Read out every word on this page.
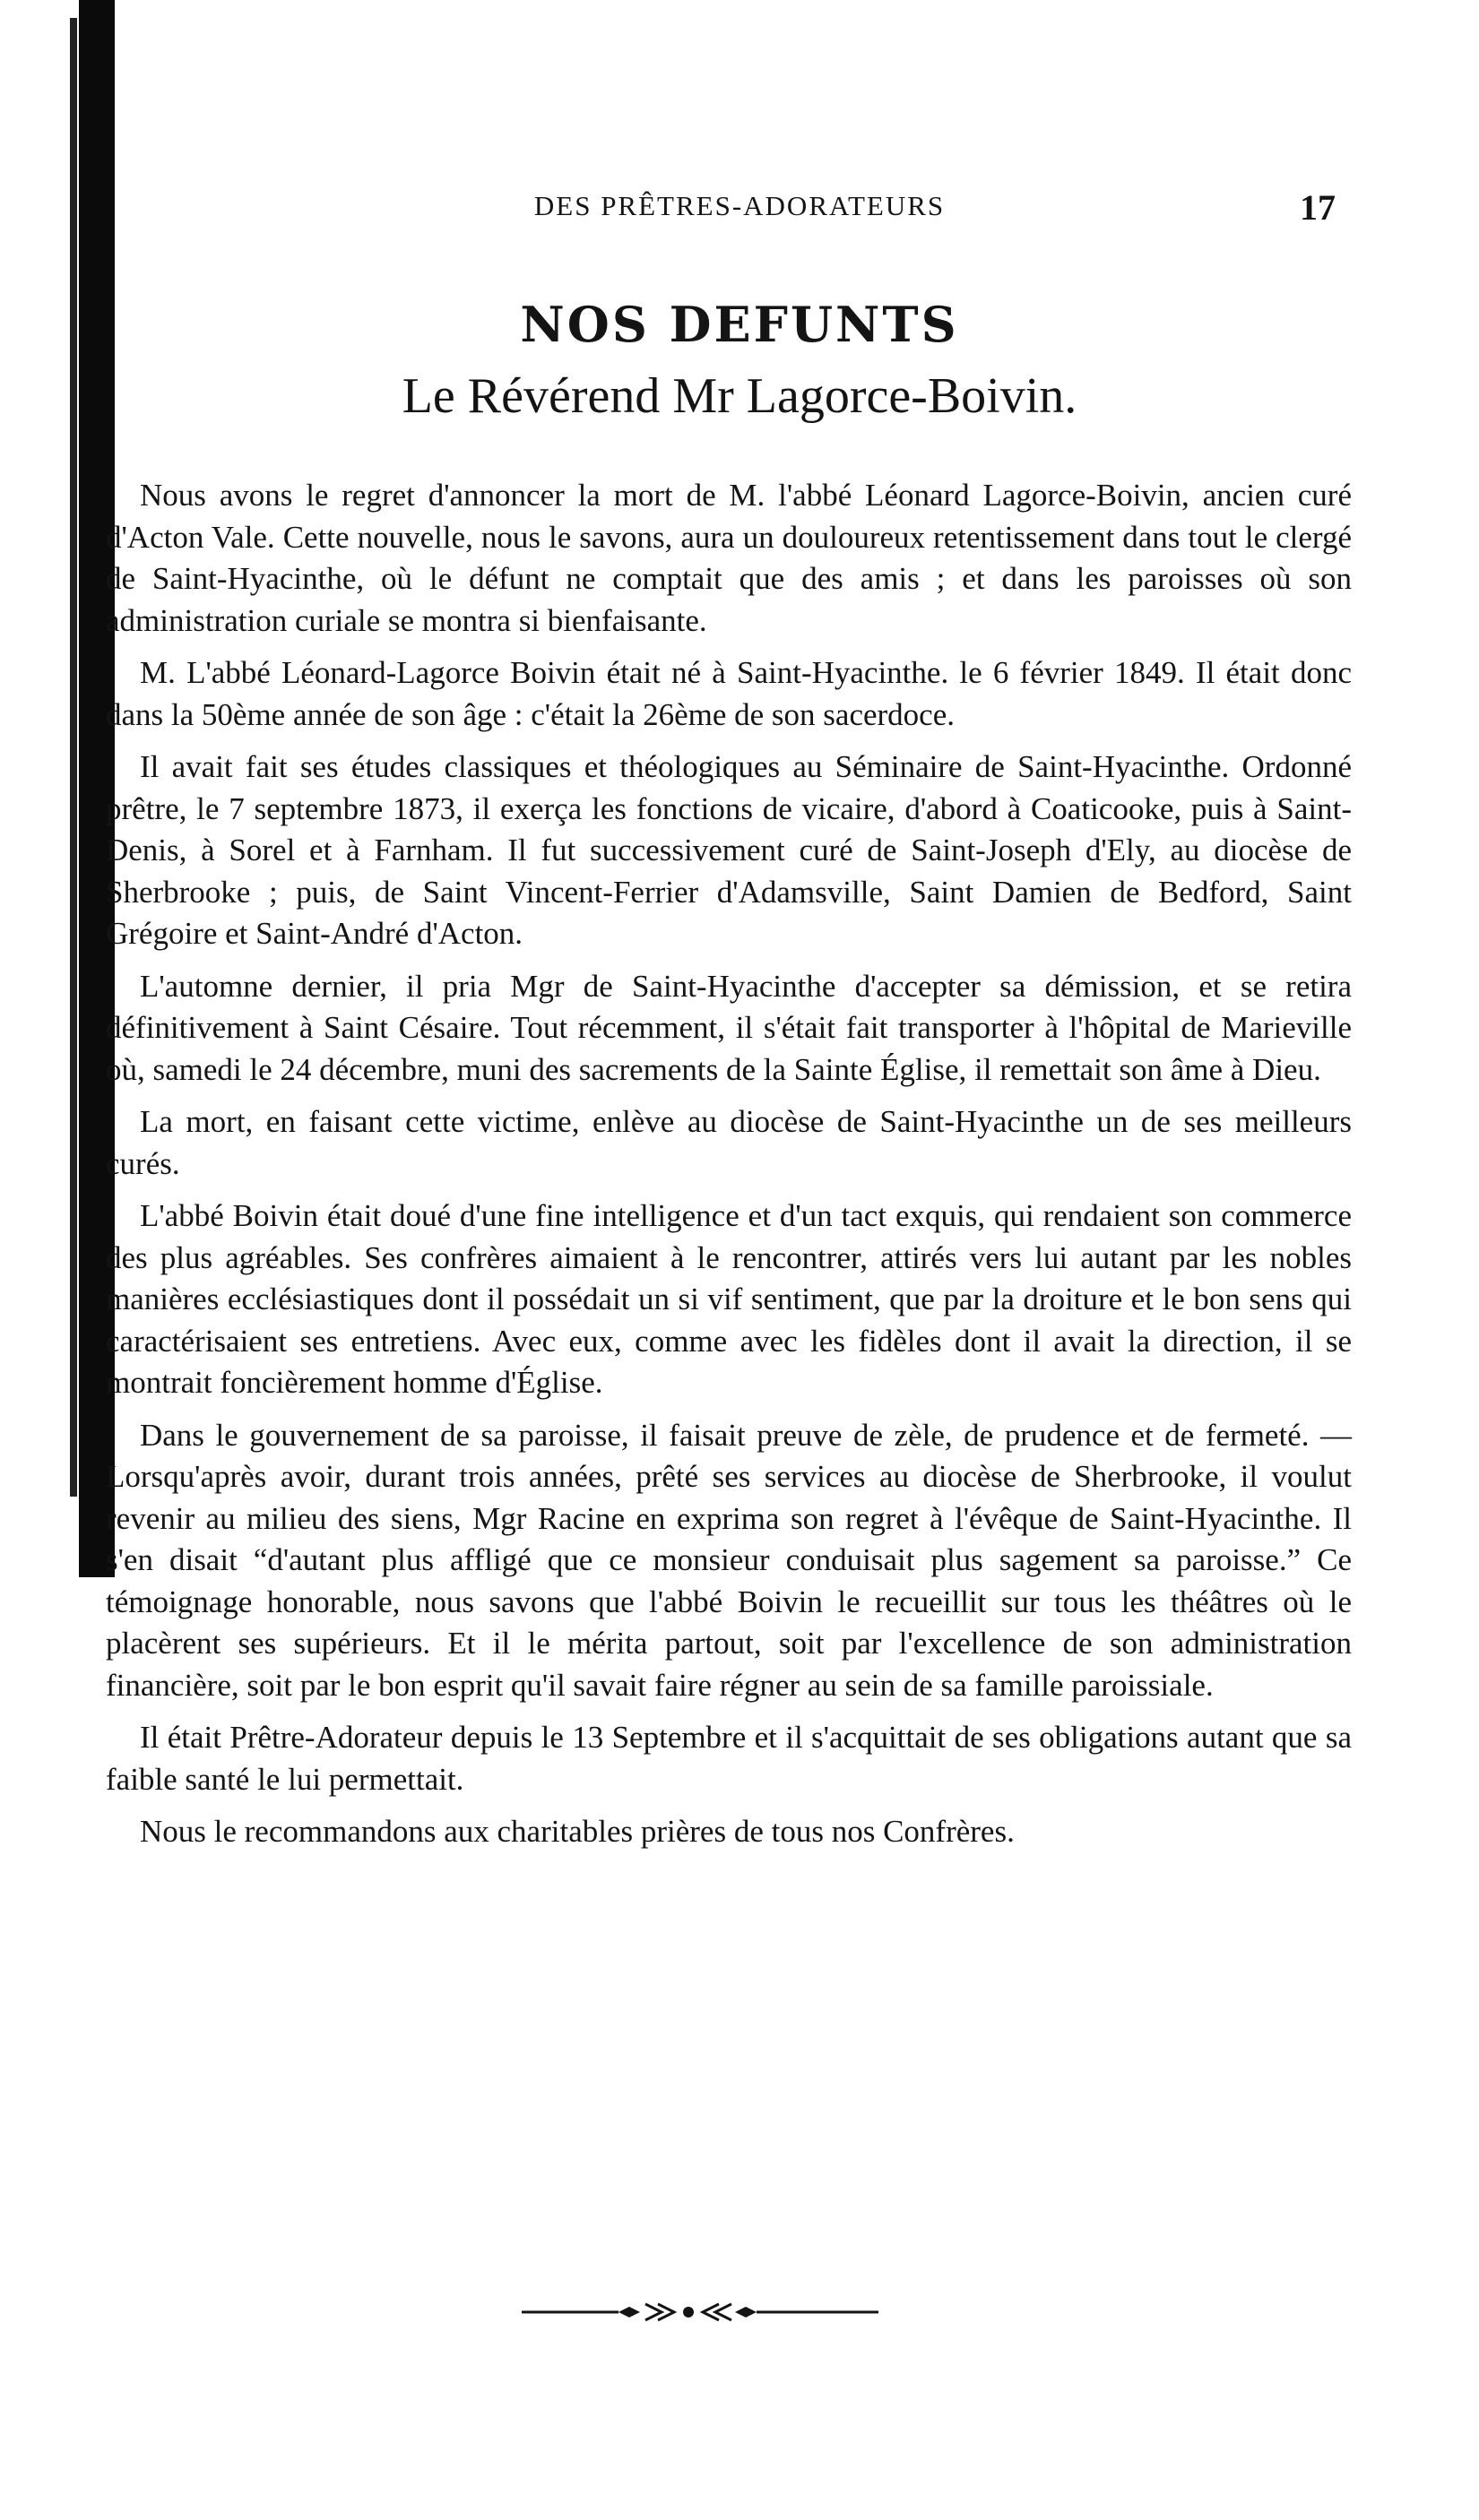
DES PRÊTRES-ADORATEURS	17
NOS DEFUNTS
Le Révérend Mr Lagorce-Boivin.

Nous avons le regret d'annoncer la mort de M. l'abbé Léonard Lagorce-Boivin, ancien curé d'Acton Vale. Cette nouvelle, nous le savons, aura un douloureux retentissement dans tout le clergé de Saint-Hyacinthe, où le défunt ne comptait que des amis ; et dans les paroisses où son administration curiale se montra si bienfaisante.

M. L'abbé Léonard-Lagorce Boivin était né à Saint-Hyacinthe. le 6 février 1849. Il était donc dans la 50ème année de son âge : c'était la 26ème de son sacerdoce.

Il avait fait ses études classiques et théologiques au Séminaire de Saint-Hyacinthe. Ordonné prêtre, le 7 septembre 1873, il exerça les fonctions de vicaire, d'abord à Coaticooke, puis à Saint-Denis, à Sorel et à Farnham. Il fut successivement curé de Saint-Joseph d'Ely, au diocèse de Sherbrooke ; puis, de Saint Vincent-Ferrier d'Adamsville, Saint Damien de Bedford, Saint Grégoire et Saint-André d'Acton.

L'automne dernier, il pria Mgr de Saint-Hyacinthe d'accepter sa démission, et se retira définitivement à Saint Césaire. Tout récemment, il s'était fait transporter à l'hôpital de Marieville où, samedi le 24 décembre, muni des sacrements de la Sainte Église, il remettait son âme à Dieu.

La mort, en faisant cette victime, enlève au diocèse de Saint-Hyacinthe un de ses meilleurs curés.

L'abbé Boivin était doué d'une fine intelligence et d'un tact exquis, qui rendaient son commerce des plus agréables. Ses confrères aimaient à le rencontrer, attirés vers lui autant par les nobles manières ecclésiastiques dont il possédait un si vif sentiment, que par la droiture et le bon sens qui caractérisaient ses entretiens. Avec eux, comme avec les fidèles dont il avait la direction, il se montrait foncièrement homme d'Église.

Dans le gouvernement de sa paroisse, il faisait preuve de zèle, de prudence et de fermeté. — Lorsqu'après avoir, durant trois années, prêté ses services au diocèse de Sherbrooke, il voulut revenir au milieu des siens, Mgr Racine en exprima son regret à l'évêque de Saint-Hyacinthe. Il s'en disait “d'autant plus affligé que ce monsieur conduisait plus sagement sa paroisse.” Ce témoignage honorable, nous savons que l'abbé Boivin le recueillit sur tous les théâtres où le placèrent ses supérieurs. Et il le mérita partout, soit par l'excellence de son administration financière, soit par le bon esprit qu'il savait faire régner au sein de sa famille paroissiale.

Il était Prêtre-Adorateur depuis le 13 Septembre et il s'acquittait de ses obligations autant que sa faible santé le lui permettait.

Nous le recommandons aux charitables prières de tous nos Confrères.
